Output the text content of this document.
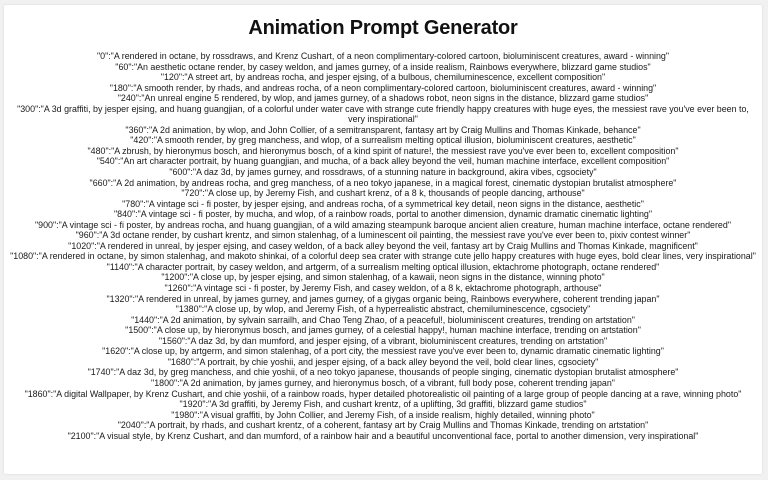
Animation Prompt Generator
"0":"A rendered in octane, by rossdraws, and Krenz Cushart, of a neon complimentary-colored cartoon, bioluminiscent creatures, award - winning"
"60":"An aesthetic octane render, by casey weldon, and james gurney, of a inside realism, Rainbows everywhere, blizzard game studios"
"120":"A street art, by andreas rocha, and jesper ejsing, of a bulbous, chemiluminescence, excellent composition"
"180":"A smooth render, by rhads, and andreas rocha, of a neon complimentary-colored cartoon, bioluminiscent creatures, award - winning"
"240":"An unreal engine 5 rendered, by wlop, and james gurney, of a shadows robot, neon signs in the distance, blizzard game studios"
"300":"A 3d graffiti, by jesper ejsing, and huang guangjian, of a colorful under water cave with strange cute friendly happy creatures with huge eyes, the messiest rave you've ever been to, very inspirational"
"360":"A 2d animation, by wlop, and John Collier, of a semitransparent, fantasy art by Craig Mullins and Thomas Kinkade, behance"
"420":"A smooth render, by greg manchess, and wlop, of a surrealism melting optical illusion, bioluminiscent creatures, aesthetic"
"480":"A zbrush, by hieronymus bosch, and hieronymus bosch, of a kind spirit of nature!, the messiest rave you've ever been to, excellent composition"
"540":"An art character portrait, by huang guangjian, and mucha, of a back alley beyond the veil, human machine interface, excellent composition"
"600":"A daz 3d, by james gurney, and rossdraws, of a stunning nature in background, akira vibes, cgsociety"
"660":"A 2d animation, by andreas rocha, and greg manchess, of a neo tokyo japanese, in a magical forest, cinematic dystopian brutalist atmosphere"
"720":"A close up, by Jeremy Fish, and cushart krenz, of a 8 k, thousands of people dancing, arthouse"
"780":"A vintage sci - fi poster, by jesper ejsing, and andreas rocha, of a symmetrical key detail, neon signs in the distance, aesthetic"
"840":"A vintage sci - fi poster, by mucha, and wlop, of a rainbow roads, portal to another dimension, dynamic dramatic cinematic lighting"
"900":"A vintage sci - fi poster, by andreas rocha, and huang guangjian, of a wild amazing steampunk baroque ancient alien creature, human machine interface, octane rendered"
"960":"A 3d octane render, by cushart krentz, and simon stalenhag, of a luminescent oil painting, the messiest rave you've ever been to, pixiv contest winner"
"1020":"A rendered in unreal, by jesper ejsing, and casey weldon, of a back alley beyond the veil, fantasy art by Craig Mullins and Thomas Kinkade, magnificent"
"1080":"A rendered in octane, by simon stalenhag, and makoto shinkai, of a colorful deep sea crater with strange cute jello happy creatures with huge eyes, bold clear lines, very inspirational"
"1140":"A character portrait, by casey weldon, and artgerm, of a surrealism melting optical illusion, ektachrome photograph, octane rendered"
"1200":"A close up, by jesper ejsing, and simon stalenhag, of a kawaii, neon signs in the distance, winning photo"
"1260":"A vintage sci - fi poster, by Jeremy Fish, and casey weldon, of a 8 k, ektachrome photograph, arthouse"
"1320":"A rendered in unreal, by james gurney, and james gurney, of a giygas organic being, Rainbows everywhere, coherent trending japan"
"1380":"A close up, by wlop, and Jeremy Fish, of a hyperrealistic abstract, chemiluminescence, cgsociety"
"1440":"A 2d animation, by sylvain sarrailh, and Chao Teng Zhao, of a peaceful!, bioluminiscent creatures, trending on artstation"
"1500":"A close up, by hieronymus bosch, and james gurney, of a celestial happy!, human machine interface, trending on artstation"
"1560":"A daz 3d, by dan mumford, and jesper ejsing, of a vibrant, bioluminiscent creatures, trending on artstation"
"1620":"A close up, by artgerm, and simon stalenhag, of a port city, the messiest rave you've ever been to, dynamic dramatic cinematic lighting"
"1680":"A portrait, by chie yoshii, and jesper ejsing, of a back alley beyond the veil, bold clear lines, cgsociety"
"1740":"A daz 3d, by greg manchess, and chie yoshii, of a neo tokyo japanese, thousands of people singing, cinematic dystopian brutalist atmosphere"
"1800":"A 2d animation, by james gurney, and hieronymus bosch, of a vibrant, full body pose, coherent trending japan"
"1860":"A digital Wallpaper, by Krenz Cushart, and chie yoshii, of a rainbow roads, hyper detailed photorealistic oil painting of a large group of people dancing at a rave, winning photo"
"1920":"A 3d graffiti, by Jeremy Fish, and cushart krentz, of a uplifting, 3d graffiti, blizzard game studios"
"1980":"A visual graffiti, by John Collier, and Jeremy Fish, of a inside realism, highly detailed, winning photo"
"2040":"A portrait, by rhads, and cushart krentz, of a coherent, fantasy art by Craig Mullins and Thomas Kinkade, trending on artstation"
"2100":"A visual style, by Krenz Cushart, and dan mumford, of a rainbow hair and a beautiful unconventional face, portal to another dimension, very inspirational"
